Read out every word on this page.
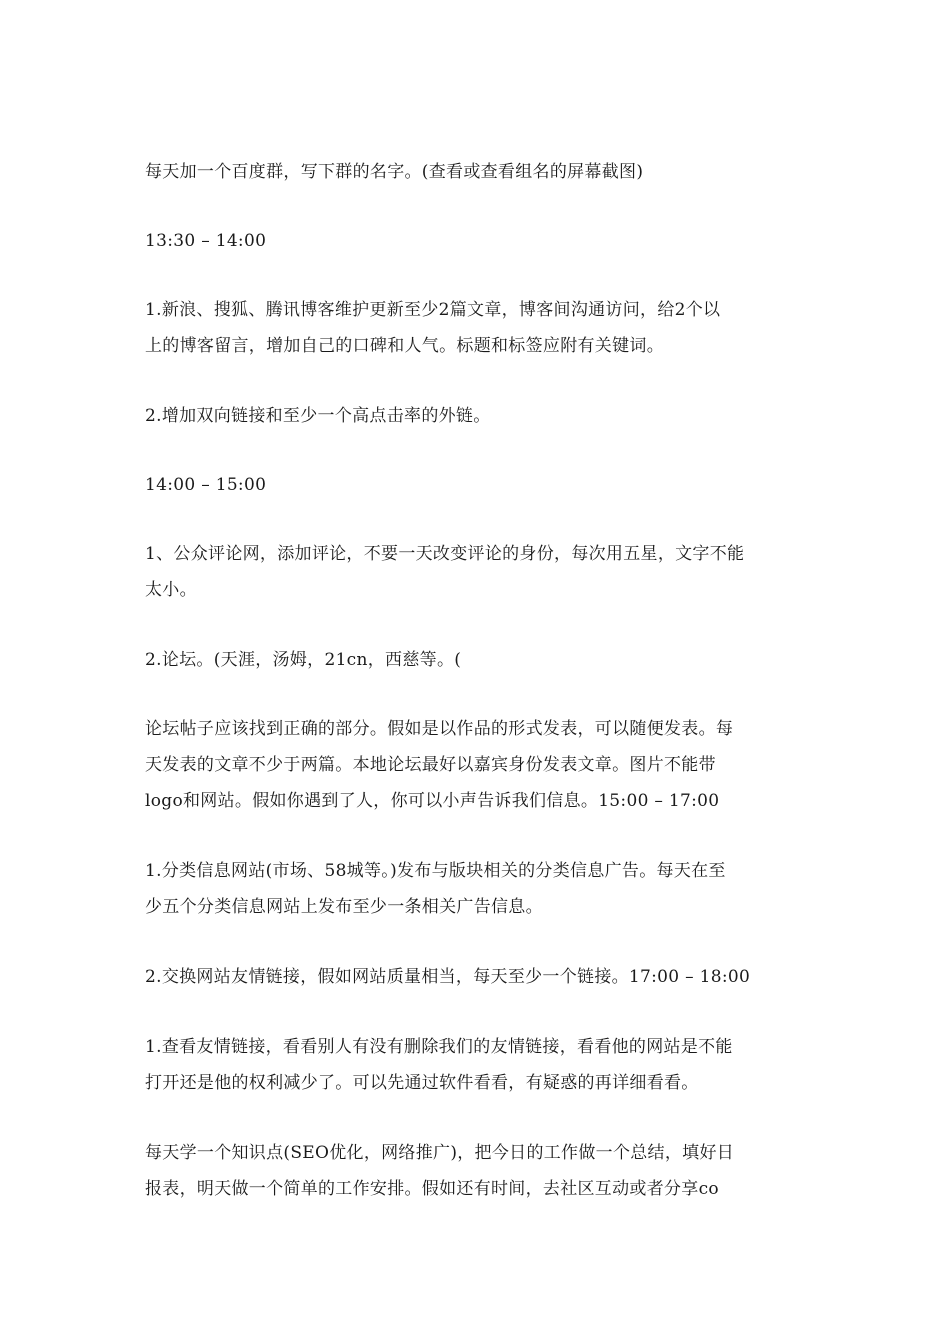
每天加一个百度群，写下群的名字。(查看或查看组名的屏幕截图)

13:30 – 14:00

1.新浪、搜狐、腾讯博客维护更新至少2篇文章，博客间沟通访问，给2个以
上的博客留言，增加自己的口碑和人气。标题和标签应附有关键词。

2.增加双向链接和至少一个高点击率的外链。

14:00 – 15:00

1、公众评论网，添加评论，不要一天改变评论的身份，每次用五星，文字不能
太小。

2.论坛。(天涯，汤姆，21cn，西慈等。(

论坛帖子应该找到正确的部分。假如是以作品的形式发表，可以随便发表。每
天发表的文章不少于两篇。本地论坛最好以嘉宾身份发表文章。图片不能带
logo和网站。假如你遇到了人，你可以小声告诉我们信息。15:00 – 17:00

1.分类信息网站(市场、58城等。)发布与版块相关的分类信息广告。每天在至
少五个分类信息网站上发布至少一条相关广告信息。

2.交换网站友情链接，假如网站质量相当，每天至少一个链接。17:00 – 18:00

1.查看友情链接，看看别人有没有删除我们的友情链接，看看他的网站是不能
打开还是他的权利减少了。可以先通过软件看看，有疑惑的再详细看看。

每天学一个知识点(SEO优化，网络推广)，把今日的工作做一个总结，填好日
报表，明天做一个简单的工作安排。假如还有时间，去社区互动或者分享co
